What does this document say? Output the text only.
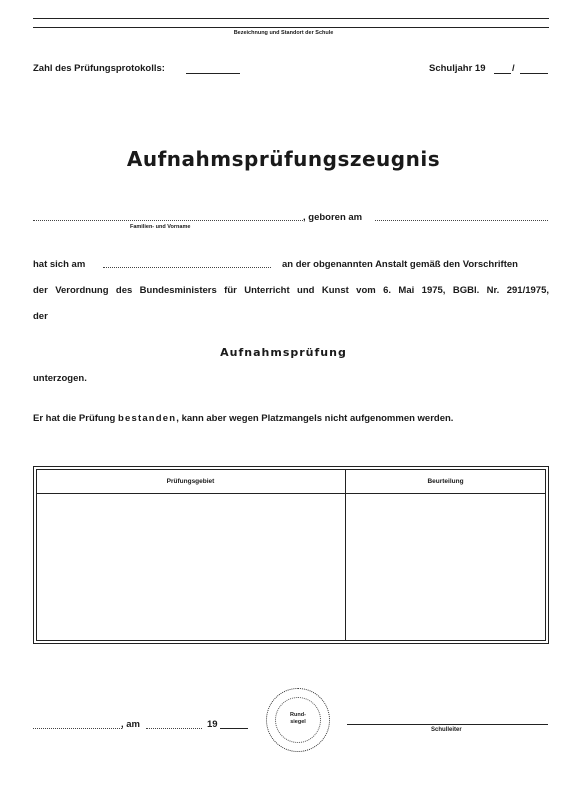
Bezeichnung und Standort der Schule
Zahl des Prüfungsprotokolls:	Schuljahr 19	/
Aufnahmsprüfungszeugnis
Familien- und Vorname
, geboren am
hat sich am	an der obgenannten Anstalt gemäß den Vorschriften
der Verordnung des Bundesministers für Unterricht und Kunst vom 6. Mai 1975, BGBl. Nr. 291/1975,
der
Aufnahmsprüfung
unterzogen.
Er hat die Prüfung bestanden, kann aber wegen Platzmangels nicht aufgenommen werden.
Prüfungsgebiet	Beurteilung
, am	19
Rund-
siegel
Schulleiter
